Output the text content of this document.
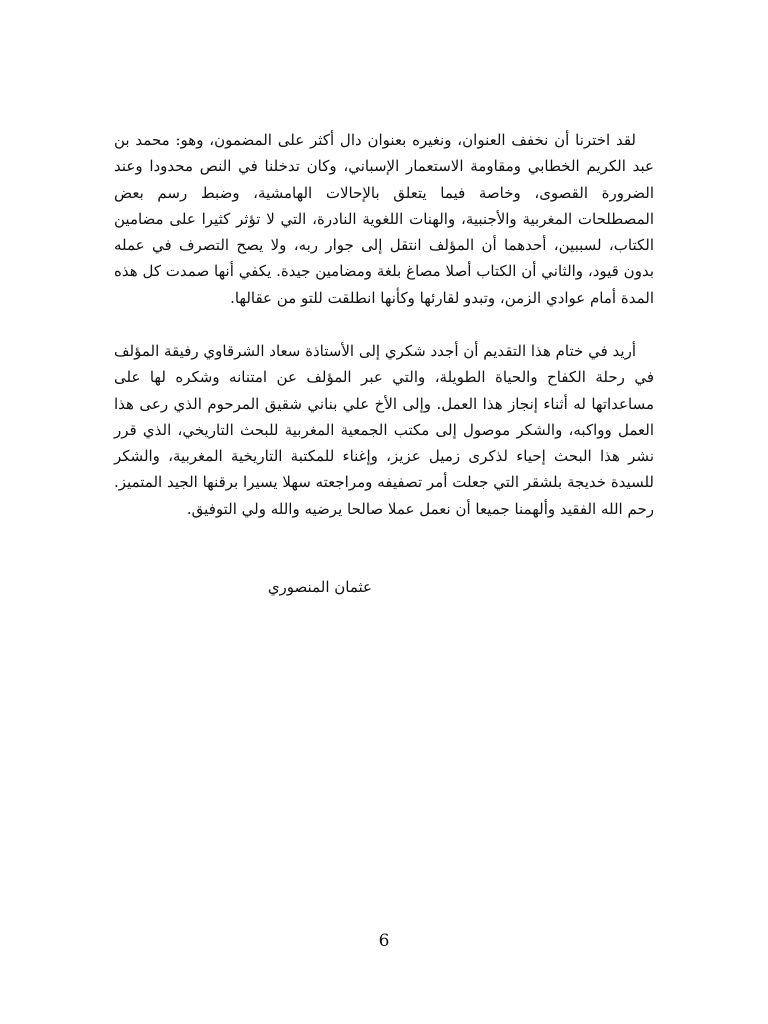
لقد اخترنا أن نخفف العنوان، ونغيره بعنوان دال أكثر على المضمون، وهو: محمد بن عبد الكريم الخطابي ومقاومة الاستعمار الإسباني، وكان تدخلنا في النص محدودا وعند الضرورة القصوى، وخاصة فيما يتعلق بالإحالات الهامشية، وضبط رسم بعض المصطلحات المغربية والأجنبية، والهنات اللغوية النادرة، التي لا تؤثر كثيرا على مضامين الكتاب، لسببين، أحدهما أن المؤلف انتقل إلى جوار ربه، ولا يصح التصرف في عمله بدون قيود، والثاني أن الكتاب أصلا مصاغ بلغة ومضامين جيدة. يكفي أنها صمدت كل هذه المدة أمام عوادي الزمن، وتبدو لقارئها وكأنها انطلقت للتو من عقالها.

أريد في ختام هذا التقديم أن أجدد شكري إلى الأستاذة سعاد الشرقاوي رفيقة المؤلف في رحلة الكفاح والحياة الطويلة، والتي عبر المؤلف عن امتنانه وشكره لها على مساعداتها له أثناء إنجاز هذا العمل. وإلى الأخ علي بناني شقيق المرحوم الذي رعى هذا العمل وواكبه، والشكر موصول إلى مكتب الجمعية المغربية للبحث التاريخي، الذي قرر نشر هذا البحث إحياء لذكرى زميل عزيز، وإغناء للمكتبة التاريخية المغربية، والشكر للسيدة خديجة بلشقر التي جعلت أمر تصفيفه ومراجعته سهلا يسيرا برقنها الجيد المتميز. رحم الله الفقيد وألهمنا جميعا أن نعمل عملا صالحا يرضيه والله ولي التوفيق.

عثمان المنصوري
6
